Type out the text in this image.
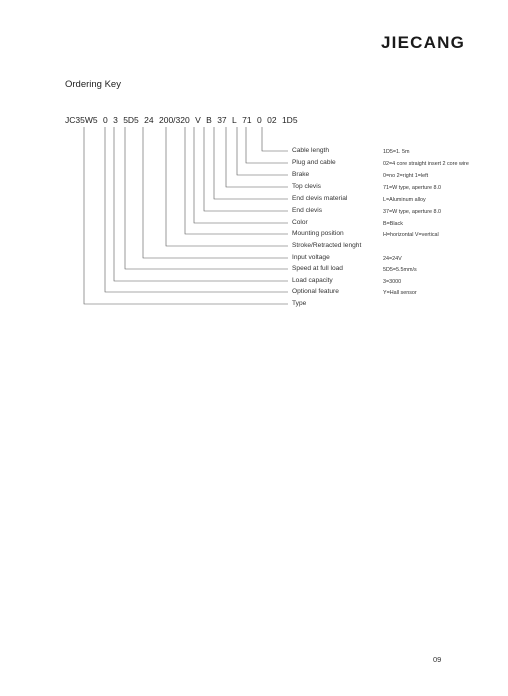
JIECANG
Ordering Key
JC35W5 0 3 5D5 24 200/320 V B 37 L 71 0 02 1D5
Cable length	1D5=1. 5m
Plug and cable	02=4 core straight insert 2 core wire
Brake	0=no 2=right 1=left
Top clevis	71=W type, aperture 8.0
End clevis material	L=Aluminum alloy
End clevis	37=W type, aperture 8.0
Color	B=Black
Mounting position	H=horizontal V=vertical
Stroke/Retracted lenght
Input voltage	24=24V
Speed at full load	5D5=5.5mm/s
Load capacity	3=3000
Optional feature	Y=Hall sensor
Type
09
